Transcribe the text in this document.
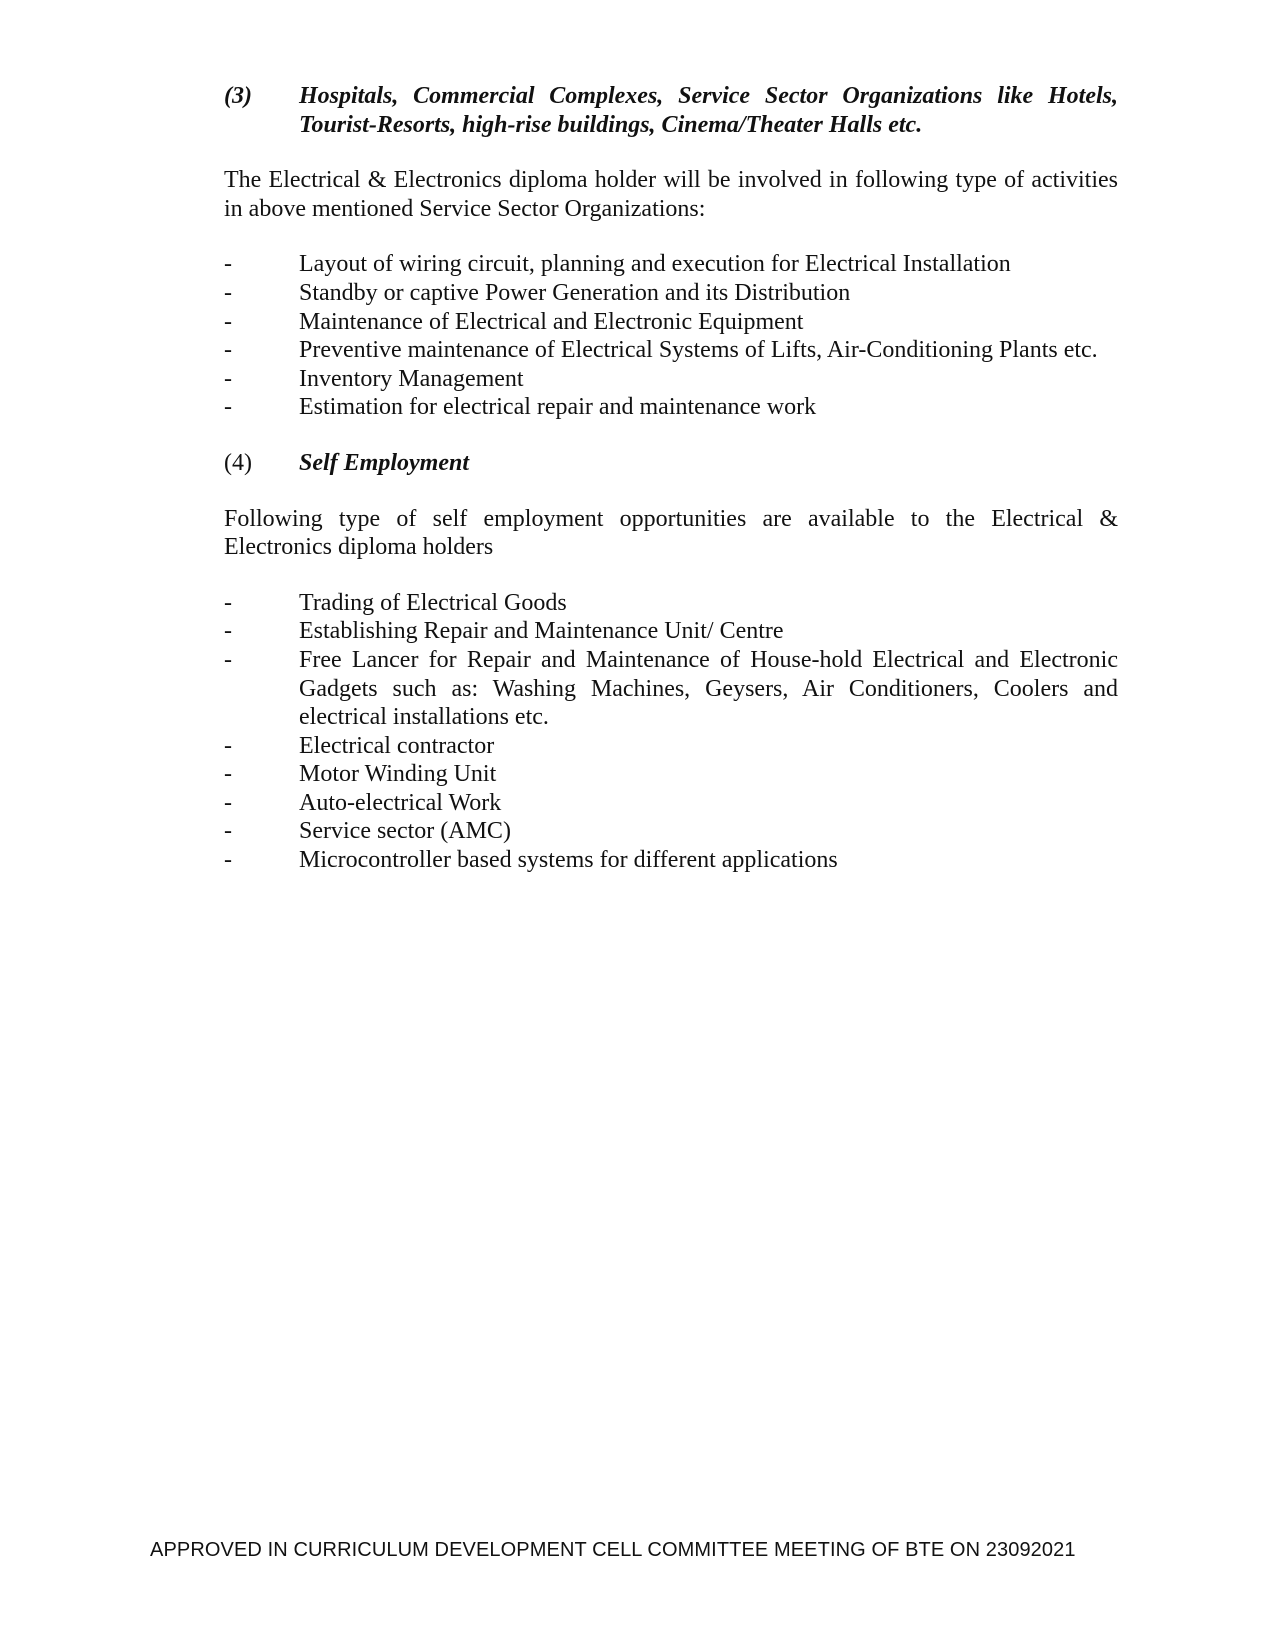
(3)	Hospitals, Commercial Complexes, Service Sector Organizations like Hotels, Tourist-Resorts, high-rise buildings, Cinema/Theater Halls etc.

The Electrical & Electronics diploma holder will be involved in following type of activities in above mentioned Service Sector Organizations:

-	Layout of wiring circuit, planning and execution for Electrical Installation
-	Standby or captive Power Generation and its Distribution
-	Maintenance of Electrical and Electronic Equipment
-	Preventive maintenance of Electrical Systems of Lifts, Air-Conditioning Plants etc.
-	Inventory Management
-	Estimation for electrical repair and maintenance work
(4)	Self Employment

Following type of self employment opportunities are available to the Electrical & Electronics diploma holders

-	Trading of Electrical Goods
-	Establishing Repair and Maintenance Unit/ Centre
-	Free Lancer for Repair and Maintenance of House-hold Electrical and Electronic Gadgets such as: Washing Machines, Geysers, Air Conditioners, Coolers and electrical installations etc.
-	Electrical contractor
-	Motor Winding Unit
-	Auto-electrical Work
-	Service sector (AMC)
-	Microcontroller based systems for different applications
APPROVED IN CURRICULUM DEVELOPMENT CELL COMMITTEE MEETING OF BTE ON 23092021
